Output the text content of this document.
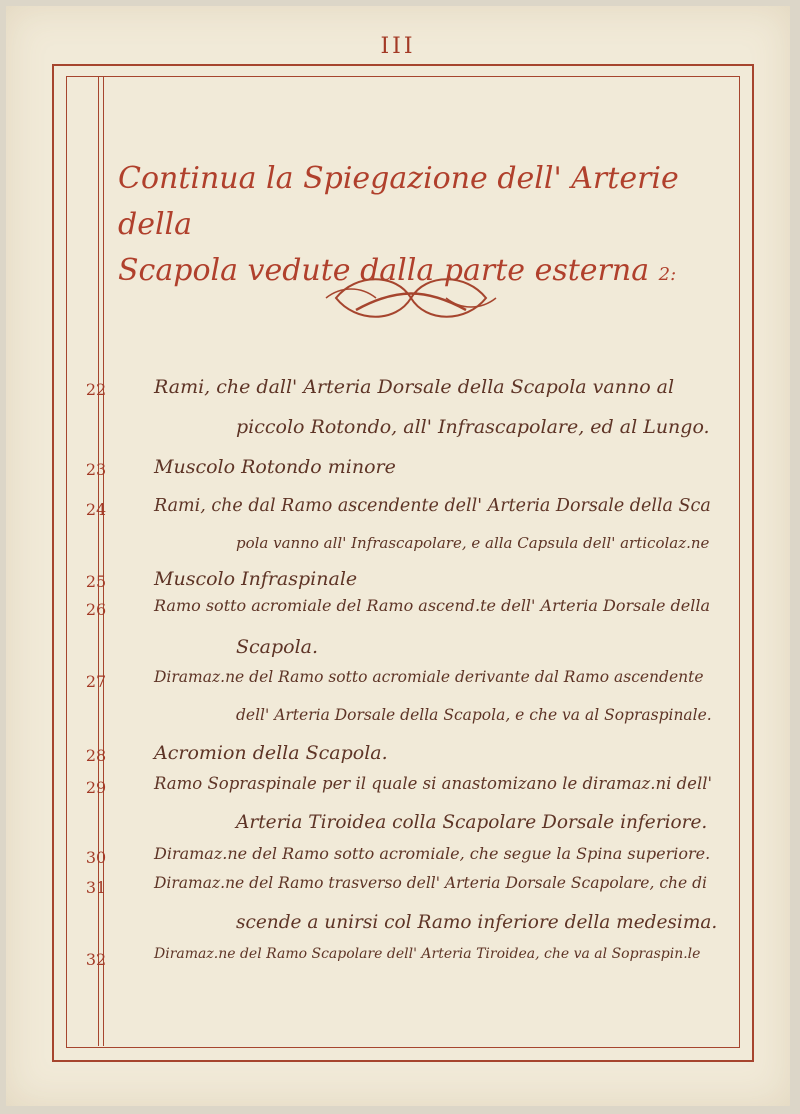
III
Continua la Spiegazione dell' Arterie della
Scapola vedute dalla parte esterna 2:
22	Rami, che dall' Arteria Dorsale della Scapola vanno al
piccolo Rotondo, all' Infrascapolare, ed al Lungo.
23	Muscolo Rotondo minore
24	Rami, che dal Ramo ascendente dell' Arteria Dorsale della Sca
pola vanno all' Infrascapolare, e alla Capsula dell' articolaz.ne
25	Muscolo Infraspinale
26	Ramo sotto acromiale del Ramo ascend.te dell' Arteria Dorsale della
Scapola.
27	Diramaz.ne del Ramo sotto acromiale derivante dal Ramo ascendente
dell' Arteria Dorsale della Scapola, e che va al Sopraspinale.
28	Acromion della Scapola.
29	Ramo Sopraspinale per il quale si anastomizano le diramaz.ni dell'
Arteria Tiroidea colla Scapolare Dorsale inferiore.
30	Diramaz.ne del Ramo sotto acromiale, che segue la Spina superiore.
31	Diramaz.ne del Ramo trasverso dell' Arteria Dorsale Scapolare, che di
scende a unirsi col Ramo inferiore della medesima.
32	Diramaz.ne del Ramo Scapolare dell' Arteria Tiroidea, che va al Sopraspin.le
